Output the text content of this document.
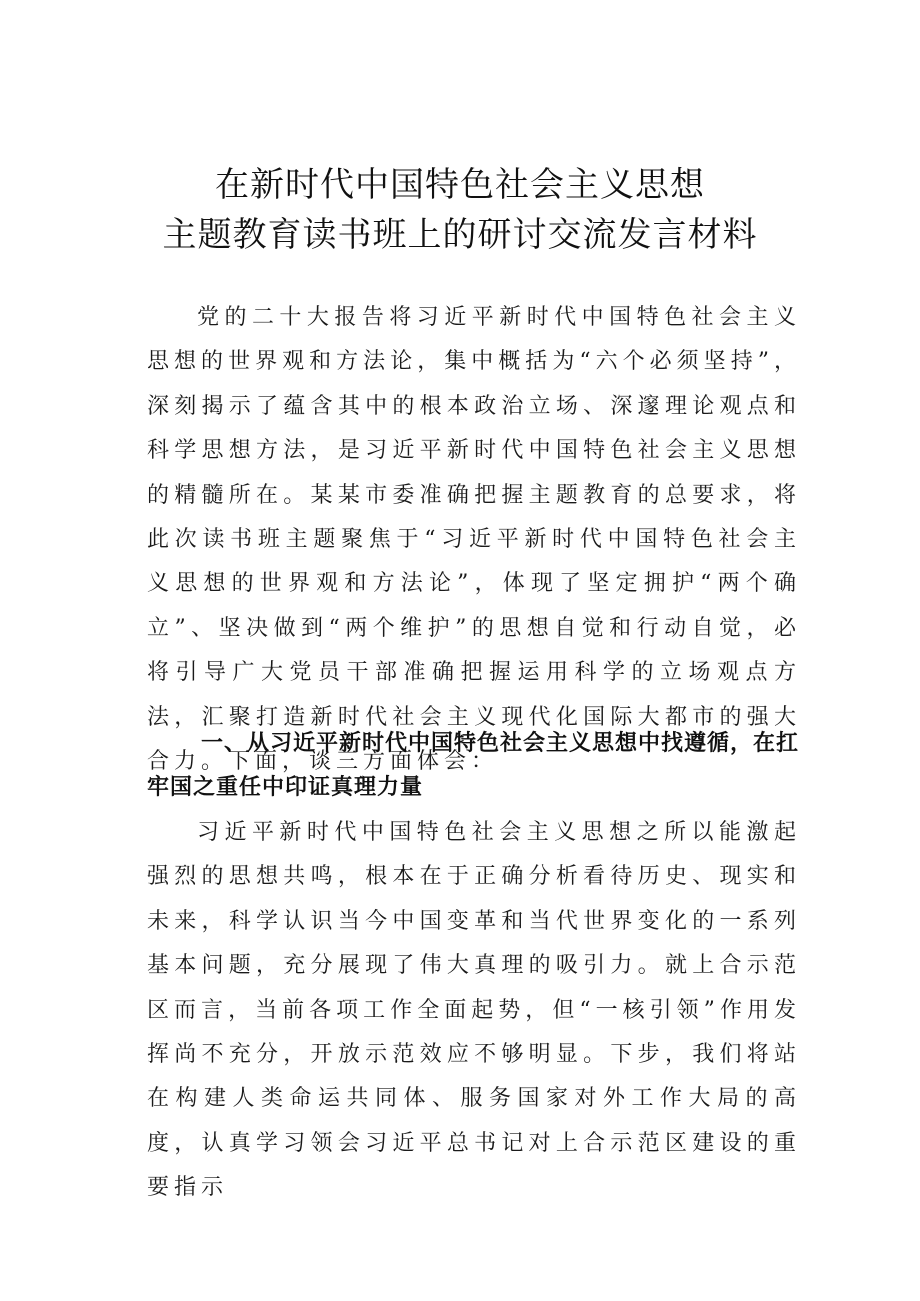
在新时代中国特色社会主义思想
主题教育读书班上的研讨交流发言材料

党的二十大报告将习近平新时代中国特色社会主义思想的世界观和方法论，集中概括为“六个必须坚持”，深刻揭示了蕴含其中的根本政治立场、深邃理论观点和科学思想方法，是习近平新时代中国特色社会主义思想的精髓所在。某某市委准确把握主题教育的总要求，将此次读书班主题聚焦于“习近平新时代中国特色社会主义思想的世界观和方法论”，体现了坚定拥护“两个确立”、坚决做到“两个维护”的思想自觉和行动自觉，必将引导广大党员干部准确把握运用科学的立场观点方法，汇聚打造新时代社会主义现代化国际大都市的强大合力。下面，谈三方面体会：

一、从习近平新时代中国特色社会主义思想中找遵循，在扛牢国之重任中印证真理力量

习近平新时代中国特色社会主义思想之所以能激起强烈的思想共鸣，根本在于正确分析看待历史、现实和未来，科学认识当今中国变革和当代世界变化的一系列基本问题，充分展现了伟大真理的吸引力。就上合示范区而言，当前各项工作全面起势，但“一核引领”作用发挥尚不充分，开放示范效应不够明显。下步，我们将站在构建人类命运共同体、服务国家对外工作大局的高度，认真学习领会习近平总书记对上合示范区建设的重要指示
